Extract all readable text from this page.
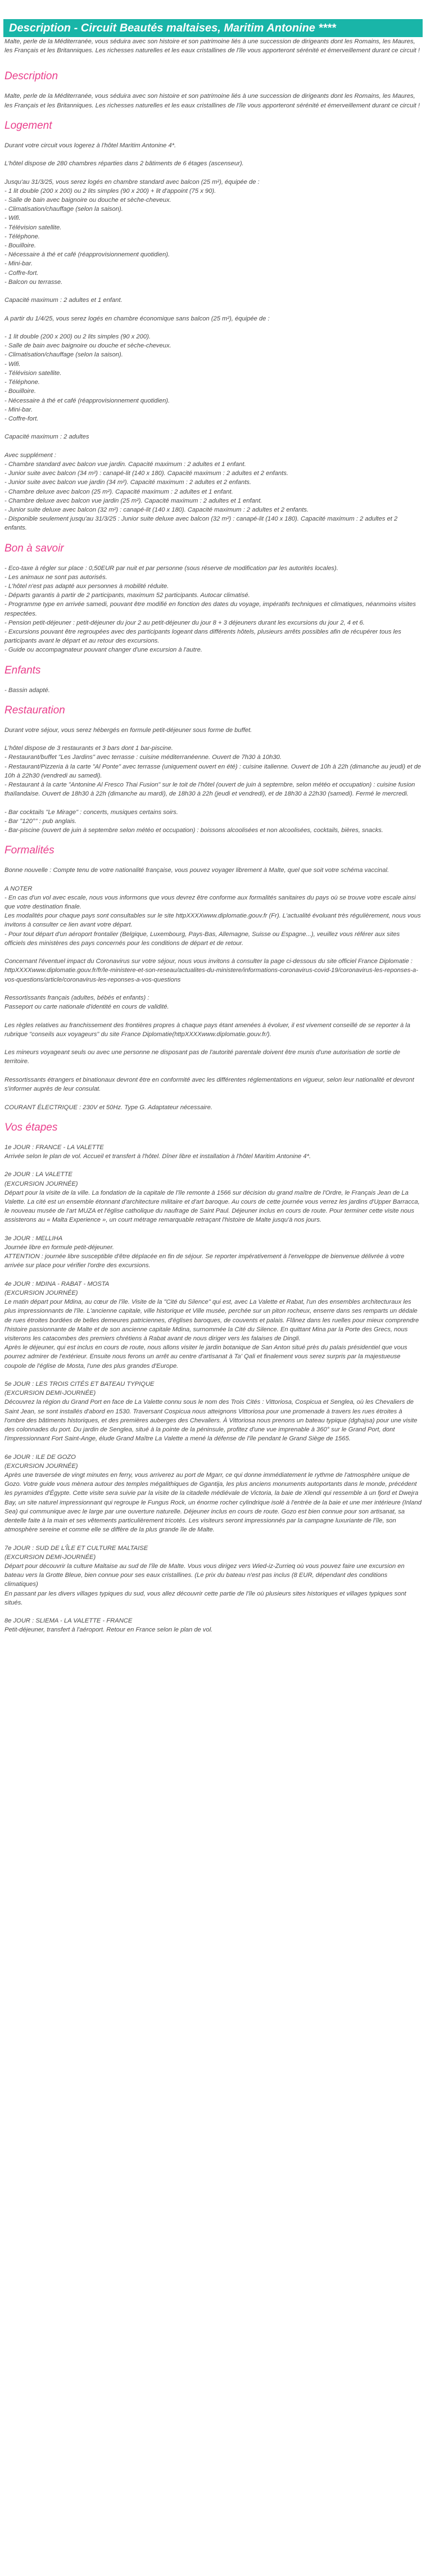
Description - Circuit Beautés maltaises, Maritim Antonine ****

Malte, perle de la Méditerranée, vous séduira avec son histoire et son patrimoine liés à une succession de dirigeants dont les Romains, les Maures, les Français et les Britanniques. Les richesses naturelles et les eaux cristallines de l'île vous apporteront sérénité et émerveillement durant ce circuit !

Description

Malte, perle de la Méditerranée, vous séduira avec son histoire et son patrimoine liés à une succession de dirigeants dont les Romains, les Maures, les Français et les Britanniques. Les richesses naturelles et les eaux cristallines de l'île vous apporteront sérénité et émerveillement durant ce circuit !

Logement

Durant votre circuit vous logerez à l'hôtel Maritim Antonine 4*.

L'hôtel dispose de 280 chambres réparties dans 2 bâtiments de 6 étages (ascenseur).

Jusqu'au 31/3/25, vous serez logés en chambre standard avec balcon (25 m²), équipée de :
- 1 lit double (200 x 200) ou 2 lits simples (90 x 200) + lit d'appoint (75 x 90).
- Salle de bain avec baignoire ou douche et sèche-cheveux.
- Climatisation/chauffage (selon la saison).
- Wifi.
- Télévision satellite.
- Téléphone.
- Bouilloire.
- Nécessaire à thé et café (réapprovisionnement quotidien).
- Mini-bar.
- Coffre-fort.
- Balcon ou terrasse.

Capacité maximum : 2 adultes et 1 enfant.

A partir du 1/4/25, vous serez logés en chambre économique sans balcon (25 m²), équipée de :

- 1 lit double (200 x 200) ou 2 lits simples (90 x 200).
- Salle de bain avec baignoire ou douche et sèche-cheveux.
- Climatisation/chauffage (selon la saison).
- Wifi.
- Télévision satellite.
- Téléphone.
- Bouilloire.
- Nécessaire à thé et café (réapprovisionnement quotidien).
- Mini-bar.
- Coffre-fort.

Capacité maximum : 2 adultes

Avec supplément :
- Chambre standard avec balcon vue jardin. Capacité maximum : 2 adultes et 1 enfant.
- Junior suite avec balcon (34 m²) : canapé-lit (140 x 180). Capacité maximum : 2 adultes et 2 enfants.
- Junior suite avec balcon vue jardin (34 m²). Capacité maximum : 2 adultes et 2 enfants.
- Chambre deluxe avec balcon (25 m²). Capacité maximum : 2 adultes et 1 enfant.
- Chambre deluxe avec balcon vue jardin (25 m²). Capacité maximum : 2 adultes et 1 enfant.
- Junior suite deluxe avec balcon (32 m²) : canapé-lit (140 x 180). Capacité maximum : 2 adultes et 2 enfants.
- Disponible seulement jusqu'au 31/3/25 : Junior suite deluxe avec balcon (32 m²) : canapé-lit (140 x 180). Capacité maximum : 2 adultes et 2 enfants.

Bon à savoir

- Eco-taxe à régler sur place : 0,50EUR par nuit et par personne (sous réserve de modification par les autorités locales).
- Les animaux ne sont pas autorisés.
- L'hôtel n'est pas adapté aux personnes à mobilité réduite.
- Départs garantis à partir de 2 participants, maximum 52 participants. Autocar climatisé.
- Programme type en arrivée samedi, pouvant être modifié en fonction des dates du voyage, impératifs techniques et climatiques, néanmoins visites respectées.
- Pension petit-déjeuner : petit-déjeuner du jour 2 au petit-déjeuner du jour 8 + 3 déjeuners durant les excursions du jour 2, 4 et 6.
- Excursions pouvant être regroupées avec des participants logeant dans différents hôtels, plusieurs arrêts possibles afin de récupérer tous les participants avant le départ et au retour des excursions.
- Guide ou accompagnateur pouvant changer d'une excursion à l'autre.

Enfants

- Bassin adapté.

Restauration

Durant votre séjour, vous serez hébergés en formule petit-déjeuner sous forme de buffet.

L'hôtel dispose de 3 restaurants et 3 bars dont 1 bar-piscine.
- Restaurant/buffet "Les Jardins" avec terrasse : cuisine méditerranéenne. Ouvert de 7h30 à 10h30.
- Restaurant/Pizzeria à la carte "Al Ponte" avec terrasse (uniquement ouvert en été) : cuisine italienne. Ouvert de 10h à 22h (dimanche au jeudi) et de 10h à 22h30 (vendredi au samedi).
- Restaurant à la carte "Antonine Al Fresco Thai Fusion" sur le toit de l'hôtel (ouvert de juin à septembre, selon météo et occupation) : cuisine fusion thaïlandaise. Ouvert de 18h30 à 22h (dimanche au mardi), de 18h30 à 22h (jeudi et vendredi), et de 18h30 à 22h30 (samedi). Fermé le mercredi.

- Bar cocktails "Le Mirage" : concerts, musiques certains soirs.
- Bar "120°" : pub anglais.
- Bar-piscine (ouvert de juin à septembre selon météo et occupation) : boissons alcoolisées et non alcoolisées, cocktails, bières, snacks.

Formalités

Bonne nouvelle : Compte tenu de votre nationalité française, vous pouvez voyager librement à Malte, quel que soit votre schéma vaccinal.

A NOTER
- En cas d'un vol avec escale, nous vous informons que vous devrez être conforme aux formalités sanitaires du pays où se trouve votre escale ainsi que votre destination finale.
Les modalités pour chaque pays sont consultables sur le site httpXXXXwww.diplomatie.gouv.fr (Fr). L'actualité évoluant très régulièrement, nous vous invitons à consulter ce lien avant votre départ.
- Pour tout départ d'un aéroport frontalier (Belgique, Luxembourg, Pays-Bas, Allemagne, Suisse ou Espagne...), veuillez vous référer aux sites officiels des ministères des pays concernés pour les conditions de départ et de retour.

Concernant l'éventuel impact du Coronavirus sur votre séjour, nous vous invitons à consulter la page ci-dessous du site officiel France Diplomatie :
httpXXXXwww.diplomatie.gouv.fr/fr/le-ministere-et-son-reseau/actualites-du-ministere/informations-coronavirus-covid-19/coronavirus-les-reponses-a-vos-questions/article/coronavirus-les-reponses-a-vos-questions

Ressortissants français (adultes, bébés et enfants) :
Passeport ou carte nationale d'identité en cours de validité.

Les règles relatives au franchissement des frontières propres à chaque pays étant amenées à évoluer, il est vivement conseillé de se reporter à la rubrique "conseils aux voyageurs" du site France Diplomatie(httpXXXXwww.diplomatie.gouv.fr/).

Les mineurs voyageant seuls ou avec une personne ne disposant pas de l'autorité parentale doivent être munis d'une autorisation de sortie de territoire.

Ressortissants étrangers et binationaux devront être en conformité avec les différentes réglementations en vigueur, selon leur nationalité et devront s'informer auprès de leur consulat.

COURANT ÉLECTRIQUE : 230V et 50Hz. Type G. Adaptateur nécessaire.

Vos étapes

1e JOUR : FRANCE - LA VALETTE
Arrivée selon le plan de vol. Accueil et transfert à l'hôtel. Dîner libre et installation à l'hôtel Maritim Antonine 4*.

2e JOUR : LA VALETTE
(EXCURSION JOURNÉE)
Départ pour la visite de la ville. La fondation de la capitale de l'île remonte à 1566 sur décision du grand maître de l'Ordre, le Français Jean de La Valette. La cité est un ensemble étonnant d'architecture militaire et d'art baroque. Au cours de cette journée vous verrez les jardins d'Upper Barracca, le nouveau musée de l'art MUZA et l'église catholique du naufrage de Saint Paul. Déjeuner inclus en cours de route. Pour terminer cette visite nous assisterons au « Malta Experience », un court métrage remarquable retraçant l'histoire de Malte jusqu'à nos jours.

3e JOUR : MELLIHA
Journée libre en formule petit-déjeuner.
ATTENTION : journée libre susceptible d'être déplacée en fin de séjour. Se reporter impérativement à l'enveloppe de bienvenue délivrée à votre arrivée sur place pour vérifier l'ordre des excursions.

4e JOUR : MDINA - RABAT - MOSTA
(EXCURSION JOURNÉE)
Le matin départ pour Mdina, au cœur de l'île. Visite de la "Cité du Silence" qui est, avec La Valette et Rabat, l'un des ensembles architecturaux les plus impressionnants de l'île. L'ancienne capitale, ville historique et Ville musée, perchée sur un piton rocheux, enserre dans ses remparts un dédale de rues étroites bordées de belles demeures patriciennes, d'églises baroques, de couvents et palais. Flânez dans les ruelles pour mieux comprendre l'histoire passionnante de Malte et de son ancienne capitale Mdina, surnommée la Cité du Silence. En quittant Mina par la Porte des Grecs, nous visiterons les catacombes des premiers chrétiens à Rabat avant de nous diriger vers les falaises de Dingli.
Après le déjeuner, qui est inclus en cours de route, nous allons visiter le jardin botanique de San Anton situé près du palais présidentiel que vous pourrez admirer de l'extérieur. Ensuite nous ferons un arrêt au centre d'artisanat à Ta' Qali et finalement vous serez surpris par la majestueuse coupole de l'église de Mosta, l'une des plus grandes d'Europe.

5e JOUR : LES TROIS CITÉS ET BATEAU TYPIQUE
(EXCURSION DEMI-JOURNÉE)
Découvrez la région du Grand Port en face de La Valette connu sous le nom des Trois Cités : Vittoriosa, Cospicua et Senglea, où les Chevaliers de Saint Jean, se sont installés d'abord en 1530. Traversant Cospicua nous atteignons Vittoriosa pour une promenade à travers les rues étroites à l'ombre des bâtiments historiques, et des premières auberges des Chevaliers. À Vittoriosa nous prenons un bateau typique (dghajsa) pour une visite des colonnades du port. Du jardin de Senglea, situé à la pointe de la péninsule, profitez d'une vue imprenable à 360° sur le Grand Port, dont l'impressionnant Fort Saint-Ange, élude Grand Maître La Valette a mené la défense de l'île pendant le Grand Siège de 1565.

6e JOUR : ILE DE GOZO
(EXCURSION JOURNÉE)
Après une traversée de vingt minutes en ferry, vous arriverez au port de Mgarr, ce qui donne immédiatement le rythme de l'atmosphère unique de Gozo. Votre guide vous mènera autour des temples mégalithiques de Ggantija, les plus anciens monuments autoportants dans le monde, précédent les pyramides d'Égypte. Cette visite sera suivie par la visite de la citadelle médiévale de Victoria, la baie de Xlendi qui ressemble à un fjord et Dwejra Bay, un site naturel impressionnant qui regroupe le Fungus Rock, un énorme rocher cylindrique isolé à l'entrée de la baie et une mer intérieure (Inland Sea) qui communique avec le large par une ouverture naturelle. Déjeuner inclus en cours de route. Gozo est bien connue pour son artisanat, sa dentelle faite à la main et ses vêtements particulièrement tricotés. Les visiteurs seront impressionnés par la campagne luxuriante de l'île, son atmosphère sereine et comme elle se diffère de la plus grande île de Malte.

7e JOUR : SUD DE L'ÎLE ET CULTURE MALTAISE
(EXCURSION DEMI-JOURNÉE)
Départ pour découvrir la culture Maltaise au sud de l'île de Malte. Vous vous dirigez vers Wied-iz-Zurrieq où vous pouvez faire une excursion en bateau vers la Grotte Bleue, bien connue pour ses eaux cristallines. (Le prix du bateau n'est pas inclus (8 EUR, dépendant des conditions climatiques)
En passant par les divers villages typiques du sud, vous allez découvrir cette partie de l'île où plusieurs sites historiques et villages typiques sont situés.

8e JOUR : SLIEMA - LA VALETTE - FRANCE
Petit-déjeuner, transfert à l'aéroport. Retour en France selon le plan de vol.
